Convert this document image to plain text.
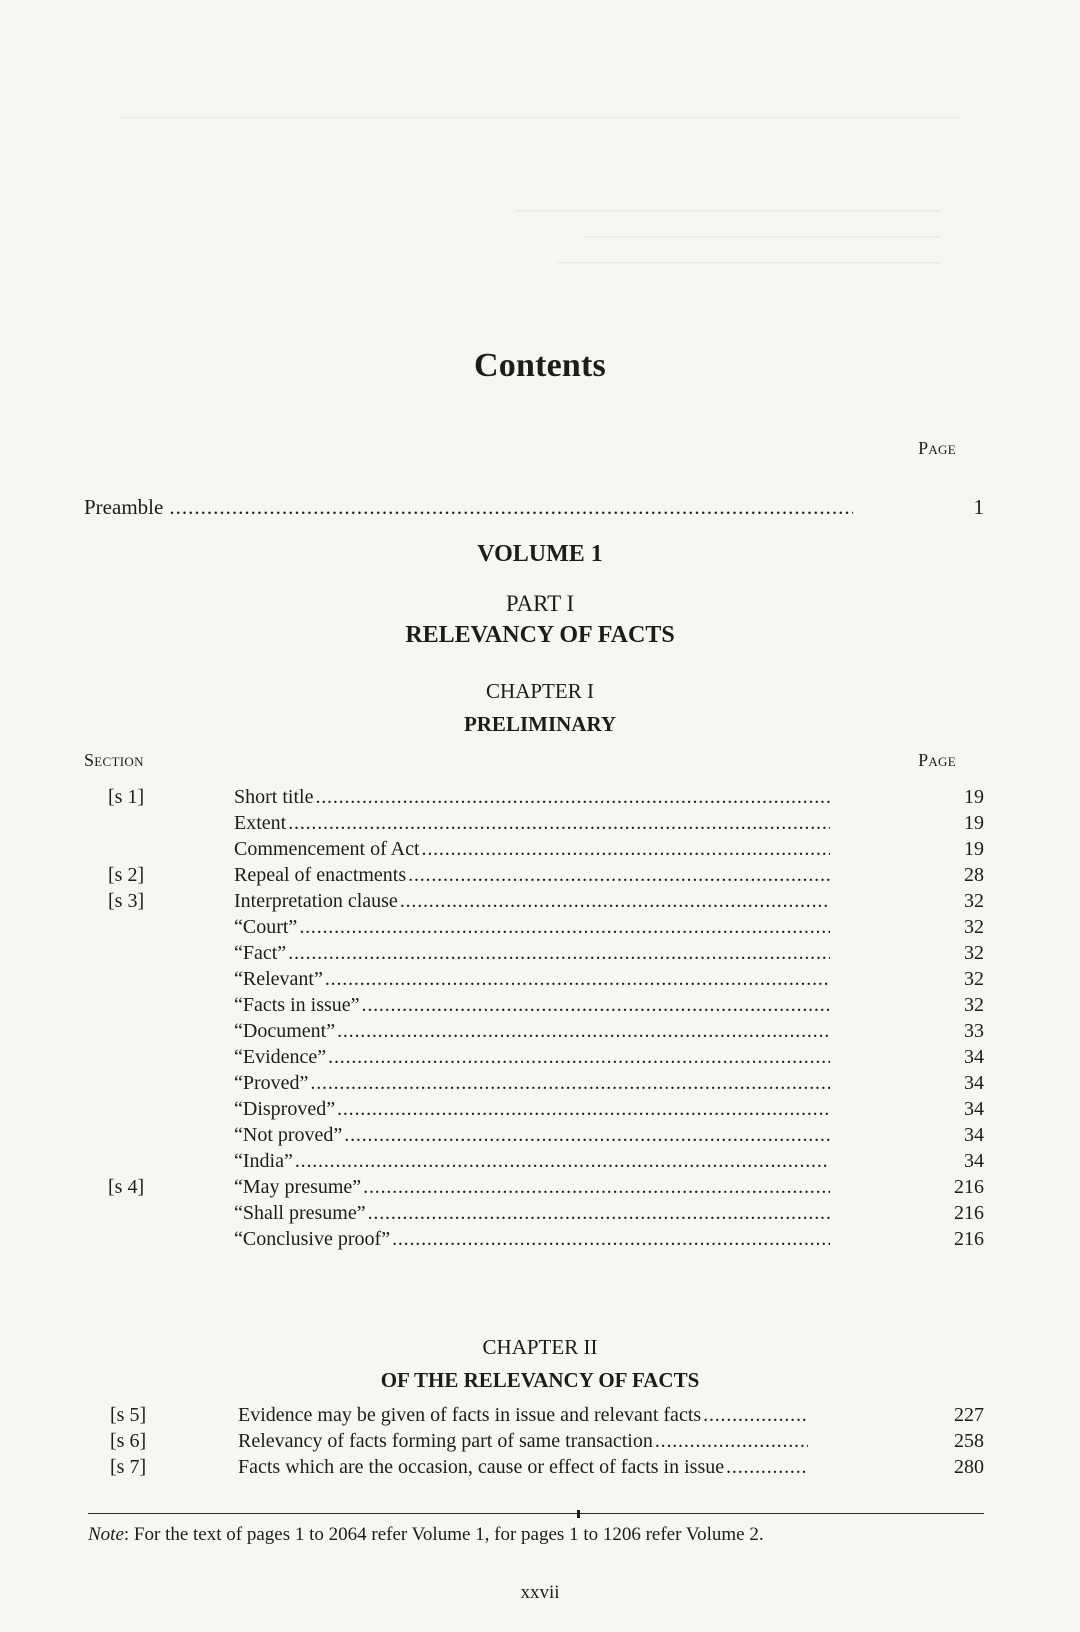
──────────────────────────────
─────────────────────────
───────────────────────────
Contents
Page
Preamble .....	1
VOLUME 1
PART I
RELEVANCY OF FACTS
CHAPTER I
PRELIMINARY
Section	Page
[s 1]	Short title .....	19
Extent .....	19
Commencement of Act .....	19
[s 2]	Repeal of enactments .....	28
[s 3]	Interpretation clause .....	32
“Court” .....	32
“Fact” .....	32
“Relevant” .....	32
“Facts in issue” .....	32
“Document” .....	33
“Evidence” .....	34
“Proved” .....	34
“Disproved” .....	34
“Not proved” .....	34
“India” .....	34
[s 4]	“May presume” .....	216
“Shall presume” .....	216
“Conclusive proof” .....	216
CHAPTER II
OF THE RELEVANCY OF FACTS
[s 5]	Evidence may be given of facts in issue and relevant facts .....	227
[s 6]	Relevancy of facts forming part of same transaction .....	258
[s 7]	Facts which are the occasion, cause or effect of facts in issue .....	280
Note: For the text of pages 1 to 2064 refer Volume 1, for pages 1 to 1206 refer Volume 2.
xxvii
